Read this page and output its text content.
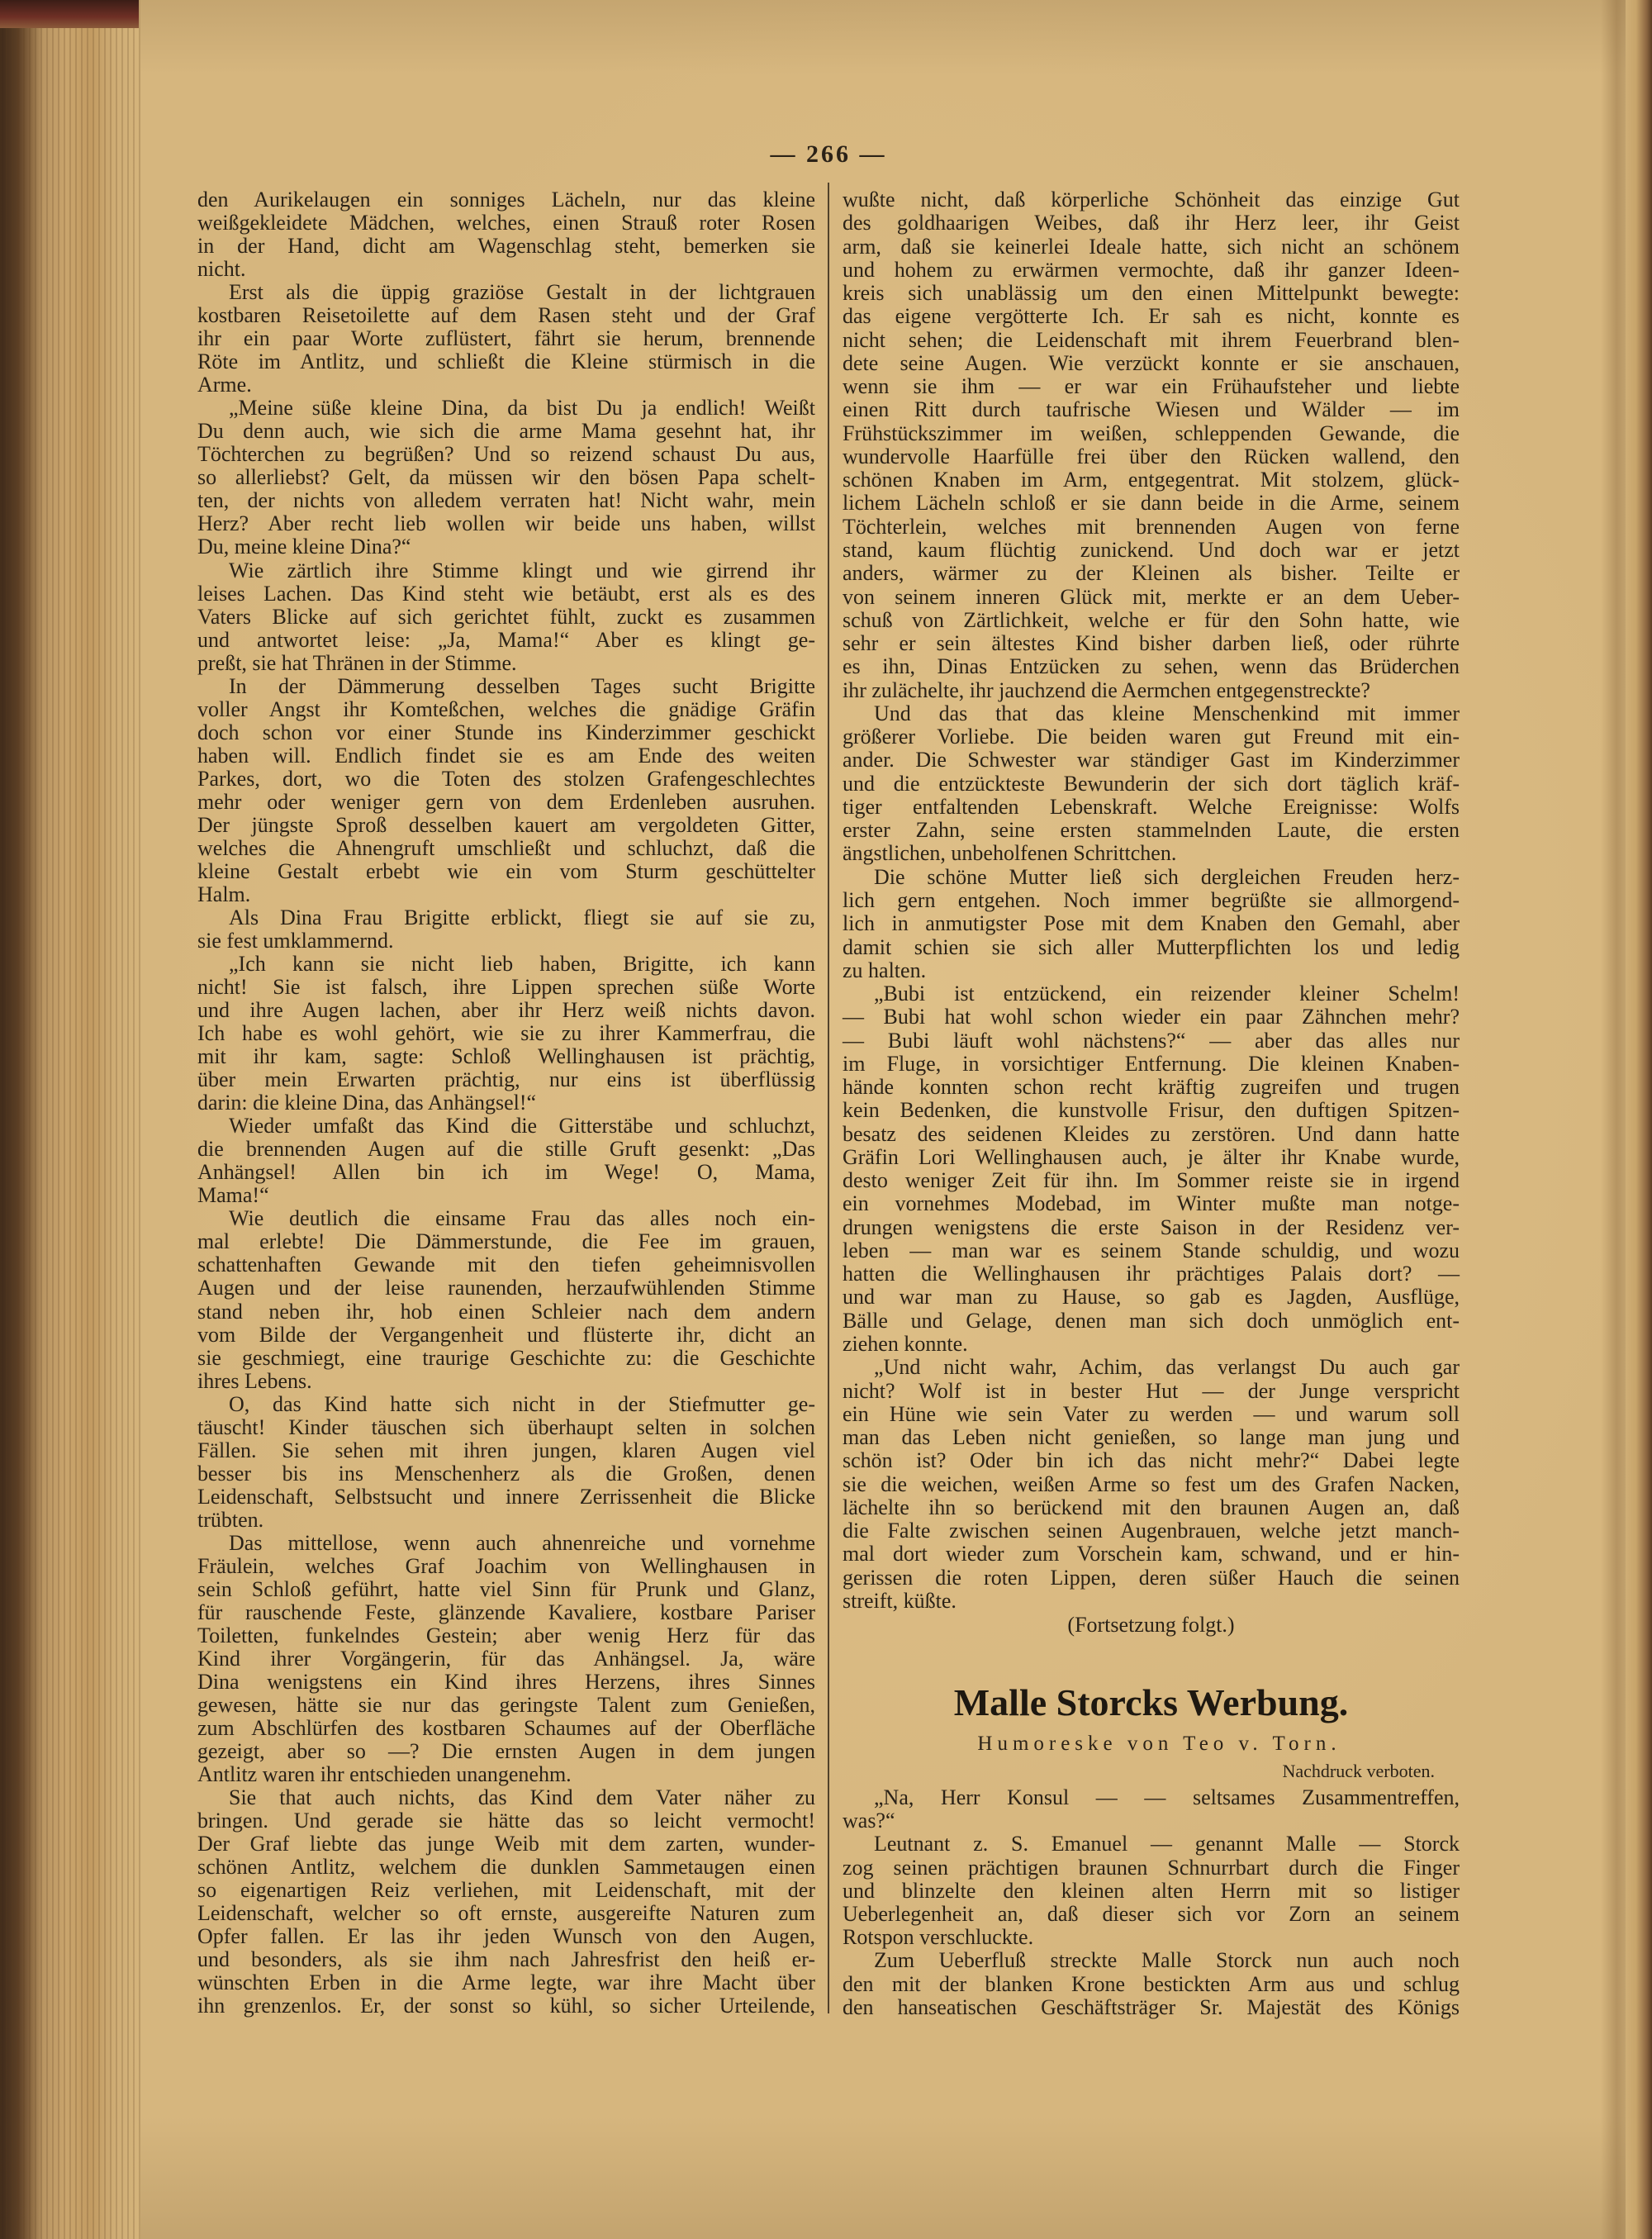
— 266 —
den Aurikelaugen ein sonniges Lächeln, nur das kleine
weißgekleidete Mädchen, welches, einen Strauß roter Rosen
in der Hand, dicht am Wagenschlag steht, bemerken sie
nicht.
Erst als die üppig graziöse Gestalt in der lichtgrauen
kostbaren Reisetoilette auf dem Rasen steht und der Graf
ihr ein paar Worte zuflüstert, fährt sie herum, brennende
Röte im Antlitz, und schließt die Kleine stürmisch in die
Arme.
„Meine süße kleine Dina, da bist Du ja endlich! Weißt
Du denn auch, wie sich die arme Mama gesehnt hat, ihr
Töchterchen zu begrüßen? Und so reizend schaust Du aus,
so allerliebst? Gelt, da müssen wir den bösen Papa schelt-
ten, der nichts von alledem verraten hat! Nicht wahr, mein
Herz? Aber recht lieb wollen wir beide uns haben, willst
Du, meine kleine Dina?“
Wie zärtlich ihre Stimme klingt und wie girrend ihr
leises Lachen. Das Kind steht wie betäubt, erst als es des
Vaters Blicke auf sich gerichtet fühlt, zuckt es zusammen
und antwortet leise: „Ja, Mama!“ Aber es klingt ge-
preßt, sie hat Thränen in der Stimme.
In der Dämmerung desselben Tages sucht Brigitte
voller Angst ihr Komteßchen, welches die gnädige Gräfin
doch schon vor einer Stunde ins Kinderzimmer geschickt
haben will. Endlich findet sie es am Ende des weiten
Parkes, dort, wo die Toten des stolzen Grafengeschlechtes
mehr oder weniger gern von dem Erdenleben ausruhen.
Der jüngste Sproß desselben kauert am vergoldeten Gitter,
welches die Ahnengruft umschließt und schluchzt, daß die
kleine Gestalt erbebt wie ein vom Sturm geschüttelter
Halm.
Als Dina Frau Brigitte erblickt, fliegt sie auf sie zu,
sie fest umklammernd.
„Ich kann sie nicht lieb haben, Brigitte, ich kann
nicht! Sie ist falsch, ihre Lippen sprechen süße Worte
und ihre Augen lachen, aber ihr Herz weiß nichts davon.
Ich habe es wohl gehört, wie sie zu ihrer Kammerfrau, die
mit ihr kam, sagte: Schloß Wellinghausen ist prächtig,
über mein Erwarten prächtig, nur eins ist überflüssig
darin: die kleine Dina, das Anhängsel!“
Wieder umfaßt das Kind die Gitterstäbe und schluchzt,
die brennenden Augen auf die stille Gruft gesenkt: „Das
Anhängsel! Allen bin ich im Wege! O, Mama,
Mama!“
Wie deutlich die einsame Frau das alles noch ein-
mal erlebte! Die Dämmerstunde, die Fee im grauen,
schattenhaften Gewande mit den tiefen geheimnisvollen
Augen und der leise raunenden, herzaufwühlenden Stimme
stand neben ihr, hob einen Schleier nach dem andern
vom Bilde der Vergangenheit und flüsterte ihr, dicht an
sie geschmiegt, eine traurige Geschichte zu: die Geschichte
ihres Lebens.
O, das Kind hatte sich nicht in der Stiefmutter ge-
täuscht! Kinder täuschen sich überhaupt selten in solchen
Fällen. Sie sehen mit ihren jungen, klaren Augen viel
besser bis ins Menschenherz als die Großen, denen
Leidenschaft, Selbstsucht und innere Zerrissenheit die Blicke
trübten.
Das mittellose, wenn auch ahnenreiche und vornehme
Fräulein, welches Graf Joachim von Wellinghausen in
sein Schloß geführt, hatte viel Sinn für Prunk und Glanz,
für rauschende Feste, glänzende Kavaliere, kostbare Pariser
Toiletten, funkelndes Gestein; aber wenig Herz für das
Kind ihrer Vorgängerin, für das Anhängsel. Ja, wäre
Dina wenigstens ein Kind ihres Herzens, ihres Sinnes
gewesen, hätte sie nur das geringste Talent zum Genießen,
zum Abschlürfen des kostbaren Schaumes auf der Oberfläche
gezeigt, aber so —? Die ernsten Augen in dem jungen
Antlitz waren ihr entschieden unangenehm.
Sie that auch nichts, das Kind dem Vater näher zu
bringen. Und gerade sie hätte das so leicht vermocht!
Der Graf liebte das junge Weib mit dem zarten, wunder-
schönen Antlitz, welchem die dunklen Sammetaugen einen
so eigenartigen Reiz verliehen, mit Leidenschaft, mit der
Leidenschaft, welcher so oft ernste, ausgereifte Naturen zum
Opfer fallen. Er las ihr jeden Wunsch von den Augen,
und besonders, als sie ihm nach Jahresfrist den heiß er-
wünschten Erben in die Arme legte, war ihre Macht über
ihn grenzenlos. Er, der sonst so kühl, so sicher Urteilende,
wußte nicht, daß körperliche Schönheit das einzige Gut
des goldhaarigen Weibes, daß ihr Herz leer, ihr Geist
arm, daß sie keinerlei Ideale hatte, sich nicht an schönem
und hohem zu erwärmen vermochte, daß ihr ganzer Ideen-
kreis sich unablässig um den einen Mittelpunkt bewegte:
das eigene vergötterte Ich. Er sah es nicht, konnte es
nicht sehen; die Leidenschaft mit ihrem Feuerbrand blen-
dete seine Augen. Wie verzückt konnte er sie anschauen,
wenn sie ihm — er war ein Frühaufsteher und liebte
einen Ritt durch taufrische Wiesen und Wälder — im
Frühstückszimmer im weißen, schleppenden Gewande, die
wundervolle Haarfülle frei über den Rücken wallend, den
schönen Knaben im Arm, entgegentrat. Mit stolzem, glück-
lichem Lächeln schloß er sie dann beide in die Arme, seinem
Töchterlein, welches mit brennenden Augen von ferne
stand, kaum flüchtig zunickend. Und doch war er jetzt
anders, wärmer zu der Kleinen als bisher. Teilte er
von seinem inneren Glück mit, merkte er an dem Ueber-
schuß von Zärtlichkeit, welche er für den Sohn hatte, wie
sehr er sein ältestes Kind bisher darben ließ, oder rührte
es ihn, Dinas Entzücken zu sehen, wenn das Brüderchen
ihr zulächelte, ihr jauchzend die Aermchen entgegenstreckte?
Und das that das kleine Menschenkind mit immer
größerer Vorliebe. Die beiden waren gut Freund mit ein-
ander. Die Schwester war ständiger Gast im Kinderzimmer
und die entzückteste Bewunderin der sich dort täglich kräf-
tiger entfaltenden Lebenskraft. Welche Ereignisse: Wolfs
erster Zahn, seine ersten stammelnden Laute, die ersten
ängstlichen, unbeholfenen Schrittchen.
Die schöne Mutter ließ sich dergleichen Freuden herz-
lich gern entgehen. Noch immer begrüßte sie allmorgend-
lich in anmutigster Pose mit dem Knaben den Gemahl, aber
damit schien sie sich aller Mutterpflichten los und ledig
zu halten.
„Bubi ist entzückend, ein reizender kleiner Schelm!
— Bubi hat wohl schon wieder ein paar Zähnchen mehr?
— Bubi läuft wohl nächstens?“ — aber das alles nur
im Fluge, in vorsichtiger Entfernung. Die kleinen Knaben-
hände konnten schon recht kräftig zugreifen und trugen
kein Bedenken, die kunstvolle Frisur, den duftigen Spitzen-
besatz des seidenen Kleides zu zerstören. Und dann hatte
Gräfin Lori Wellinghausen auch, je älter ihr Knabe wurde,
desto weniger Zeit für ihn. Im Sommer reiste sie in irgend
ein vornehmes Modebad, im Winter mußte man notge-
drungen wenigstens die erste Saison in der Residenz ver-
leben — man war es seinem Stande schuldig, und wozu
hatten die Wellinghausen ihr prächtiges Palais dort? —
und war man zu Hause, so gab es Jagden, Ausflüge,
Bälle und Gelage, denen man sich doch unmöglich ent-
ziehen konnte.
„Und nicht wahr, Achim, das verlangst Du auch gar
nicht? Wolf ist in bester Hut — der Junge verspricht
ein Hüne wie sein Vater zu werden — und warum soll
man das Leben nicht genießen, so lange man jung und
schön ist? Oder bin ich das nicht mehr?“ Dabei legte
sie die weichen, weißen Arme so fest um des Grafen Nacken,
lächelte ihn so berückend mit den braunen Augen an, daß
die Falte zwischen seinen Augenbrauen, welche jetzt manch-
mal dort wieder zum Vorschein kam, schwand, und er hin-
gerissen die roten Lippen, deren süßer Hauch die seinen
streift, küßte.
(Fortsetzung folgt.)
Malle Storcks Werbung.
Humoreske von Teo v. Torn.
Nachdruck verboten.
„Na, Herr Konsul — — seltsames Zusammentreffen,
was?“
Leutnant z. S. Emanuel — genannt Malle — Storck
zog seinen prächtigen braunen Schnurrbart durch die Finger
und blinzelte den kleinen alten Herrn mit so listiger
Ueberlegenheit an, daß dieser sich vor Zorn an seinem
Rotspon verschluckte.
Zum Ueberfluß streckte Malle Storck nun auch noch
den mit der blanken Krone bestickten Arm aus und schlug
den hanseatischen Geschäftsträger Sr. Majestät des Königs
